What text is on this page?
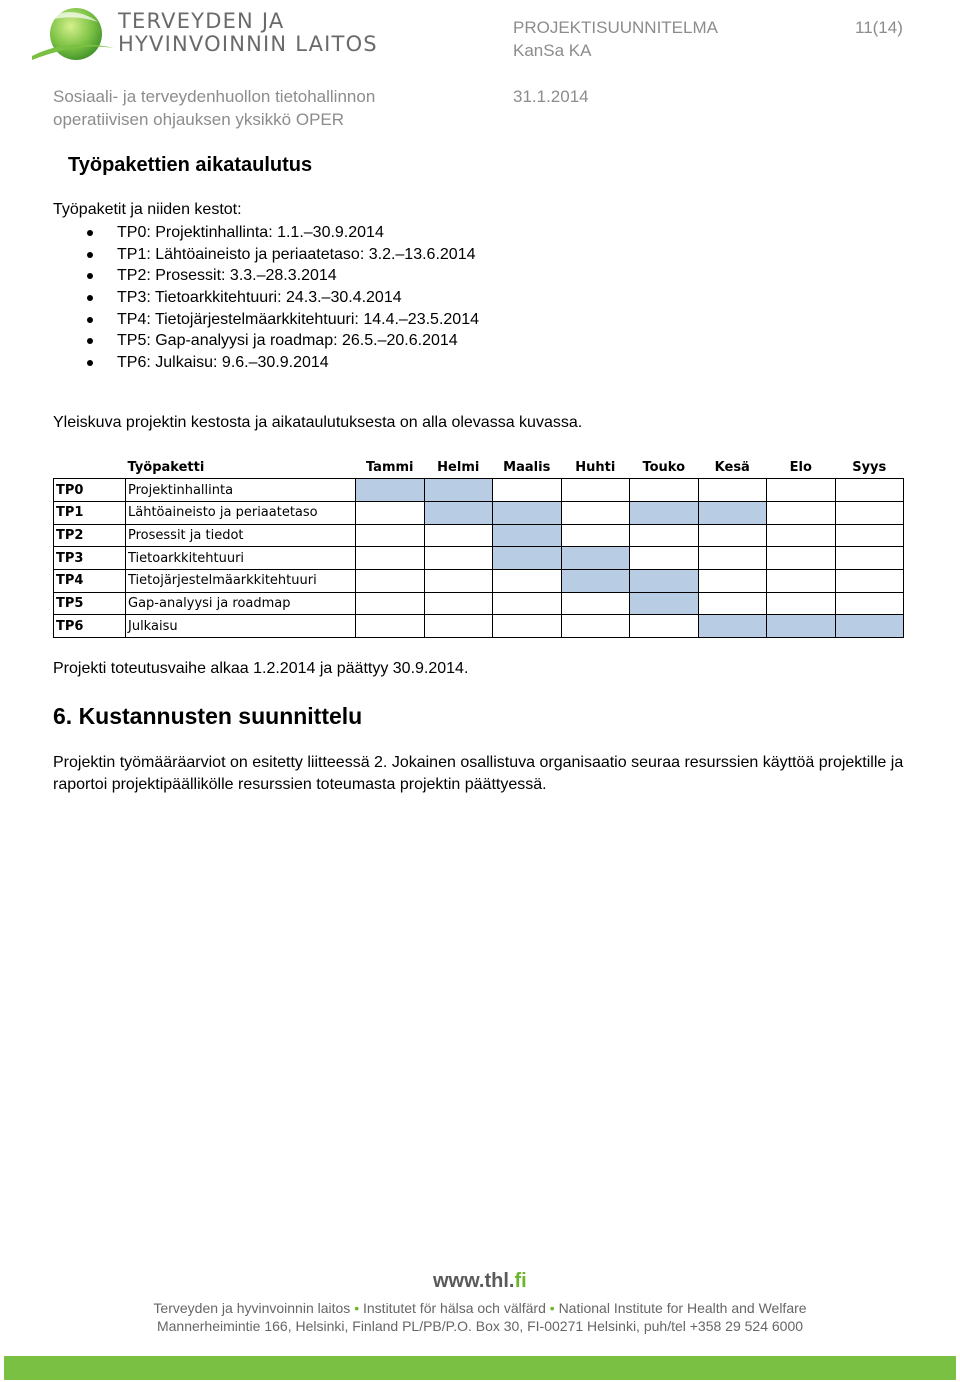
TERVEYDEN JA
HYVINVOINNIN LAITOS
PROJEKTISUUNNITELMA
KanSa KA
11(14)
Sosiaali- ja terveydenhuollon tietohallinnon
operatiivisen ohjauksen yksikkö OPER
31.1.2014
Työpakettien aikataulutus
Työpaketit ja niiden kestot:
TP0: Projektinhallinta: 1.1.–30.9.2014
TP1: Lähtöaineisto ja periaatetaso: 3.2.–13.6.2014
TP2: Prosessit: 3.3.–28.3.2014
TP3: Tietoarkkitehtuuri: 24.3.–30.4.2014
TP4: Tietojärjestelmäarkkitehtuuri: 14.4.–23.5.2014
TP5: Gap-analyysi ja roadmap: 26.5.–20.6.2014
TP6: Julkaisu: 9.6.–30.9.2014
Yleiskuva projektin kestosta ja aikataulutuksesta on alla olevassa kuvassa.
	Työpaketti	Tammi	Helmi	Maalis	Huhti	Touko	Kesä	Elo	Syys
TP0	Projektinhallinta								
TP1	Lähtöaineisto ja periaatetaso								
TP2	Prosessit ja tiedot								
TP3	Tietoarkkitehtuuri								
TP4	Tietojärjestelmäarkkitehtuuri								
TP5	Gap-analyysi ja roadmap								
TP6	Julkaisu								
Projekti toteutusvaihe alkaa 1.2.2014 ja päättyy 30.9.2014.
6. Kustannusten suunnittelu
Projektin työmääräarviot on esitetty liitteessä 2. Jokainen osallistuva organisaatio seuraa resurssien käyttöä projektille ja raportoi projektipäällikölle resurssien toteumasta projektin päättyessä.
www.thl.fi
Terveyden ja hyvinvoinnin laitos • Institutet för hälsa och välfärd • National Institute for Health and Welfare
Mannerheimintie 166, Helsinki, Finland PL/PB/P.O. Box 30, FI-00271 Helsinki, puh/tel +358 29 524 6000
